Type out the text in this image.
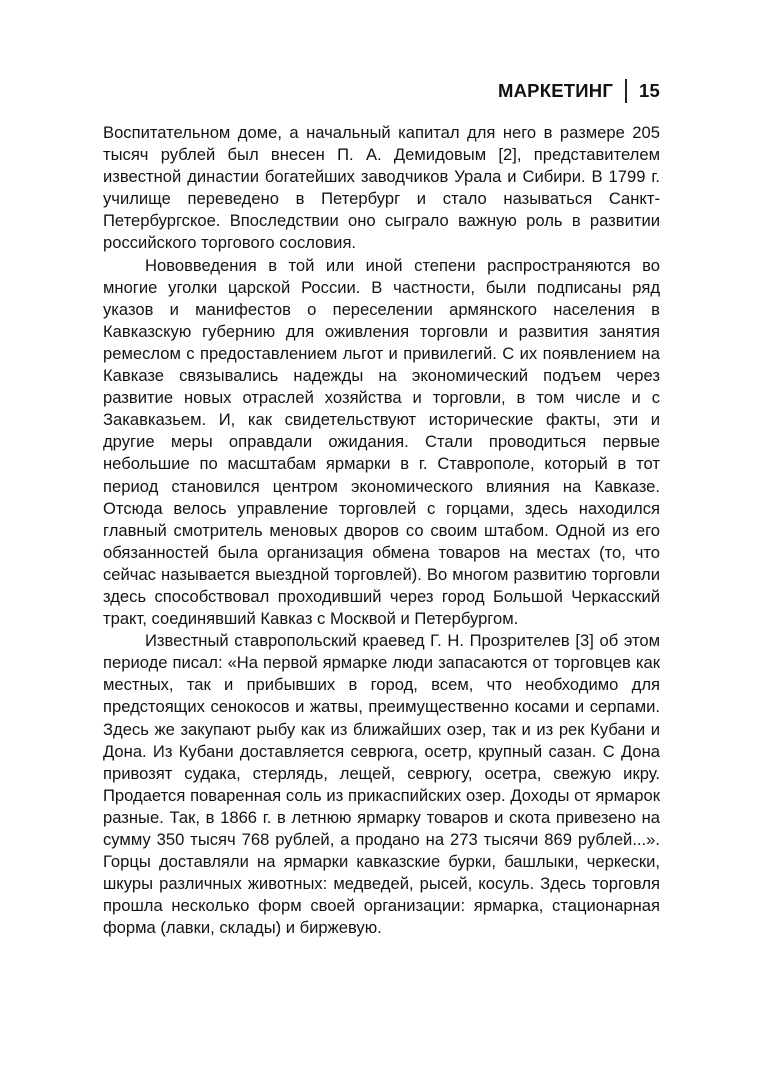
МАРКЕТИНГ 15

Воспитательном доме, а начальный капитал для него в размере 205 тысяч рублей был внесен П. А. Демидовым [2], представителем известной династии богатейших заводчиков Урала и Сибири. В 1799 г. училище переведено в Петербург и стало называться Санкт-Петербургское. Впоследствии оно сыграло важную роль в развитии российского торгового сословия.

Нововведения в той или иной степени распространяются во многие уголки царской России. В частности, были подписаны ряд указов и манифестов о переселении армянского населения в Кавказскую губернию для оживления торговли и развития занятия ремеслом с предоставлением льгот и привилегий. С их появлением на Кавказе связывались надежды на экономический подъем через развитие новых отраслей хозяйства и торговли, в том числе и с Закавказьем. И, как свидетельствуют исторические факты, эти и другие меры оправдали ожидания. Стали проводиться первые небольшие по масштабам ярмарки в г. Ставрополе, который в тот период становился центром экономического влияния на Кавказе. Отсюда велось управление торговлей с горцами, здесь находился главный смотритель меновых дворов со своим штабом. Одной из его обязанностей была организация обмена товаров на местах (то, что сейчас называется выездной торговлей). Во многом развитию торговли здесь способствовал проходивший через город Большой Черкасский тракт, соединявший Кавказ с Москвой и Петербургом.

Известный ставропольский краевед Г. Н. Прозрителев [3] об этом периоде писал: «На первой ярмарке люди запасаются от торговцев как местных, так и прибывших в город, всем, что необходимо для предстоящих сенокосов и жатвы, преимущественно косами и серпами. Здесь же закупают рыбу как из ближайших озер, так и из рек Кубани и Дона. Из Кубани доставляется севрюга, осетр, крупный сазан. С Дона привозят судака, стерлядь, лещей, севрюгу, осетра, свежую икру. Продается поваренная соль из прикаспийских озер. Доходы от ярмарок разные. Так, в 1866 г. в летнюю ярмарку товаров и скота привезено на сумму 350 тысяч 768 рублей, а продано на 273 тысячи 869 рублей...». Горцы доставляли на ярмарки кавказские бурки, башлыки, черкески, шкуры различных животных: медведей, рысей, косуль. Здесь торговля прошла несколько форм своей организации: ярмарка, стационарная форма (лавки, склады) и биржевую.
